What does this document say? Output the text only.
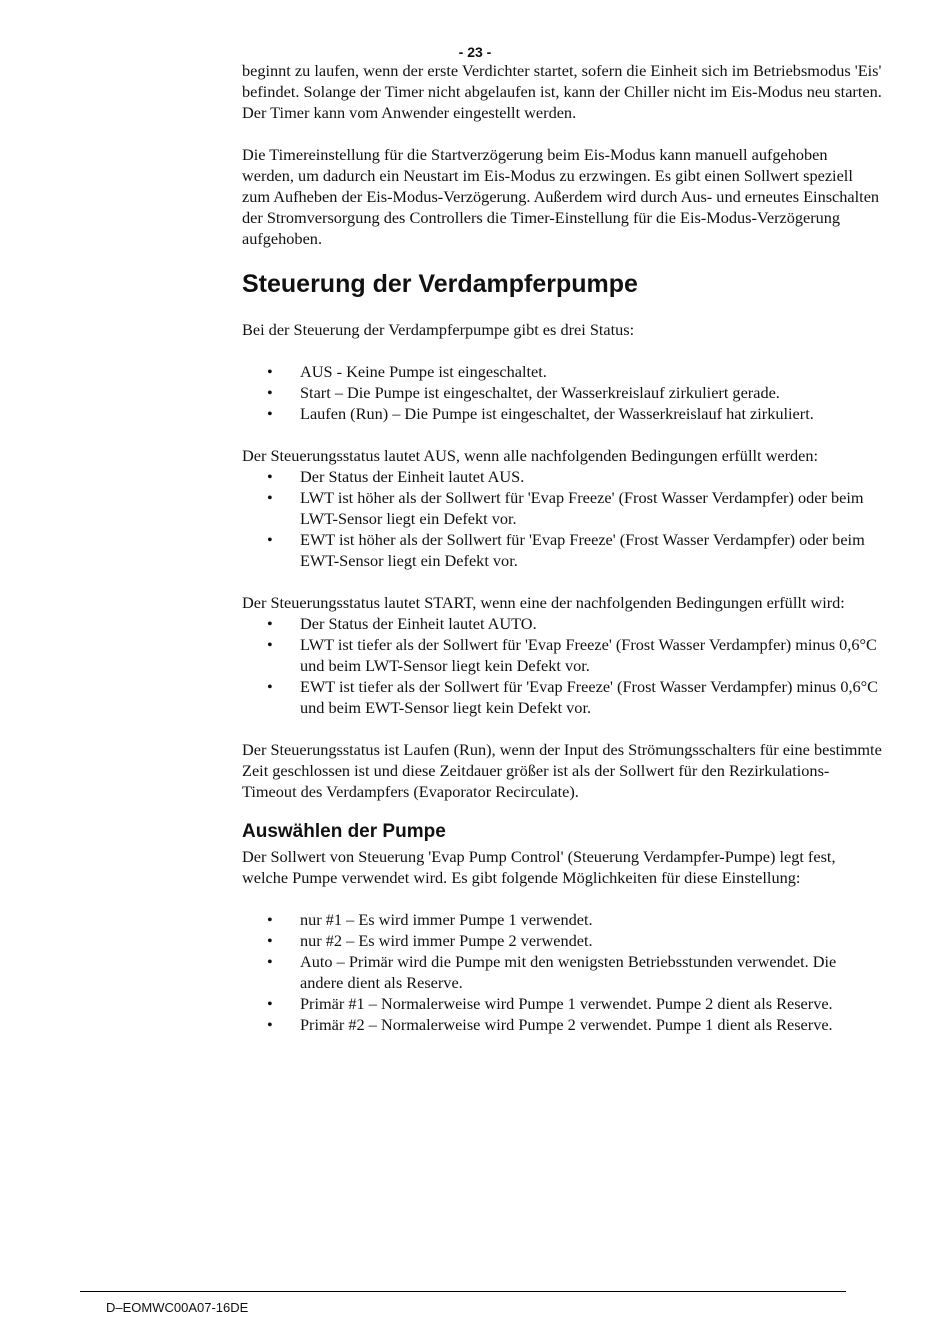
- 23 -

beginnt zu laufen, wenn der erste Verdichter startet, sofern die Einheit sich im Betriebsmodus 'Eis' befindet. Solange der Timer nicht abgelaufen ist, kann der Chiller nicht im Eis-Modus neu starten. Der Timer kann vom Anwender eingestellt werden.

Die Timereinstellung für die Startverzögerung beim Eis-Modus kann manuell aufgehoben werden, um dadurch ein Neustart im Eis-Modus zu erzwingen. Es gibt einen Sollwert speziell zum Aufheben der Eis-Modus-Verzögerung. Außerdem wird durch Aus- und erneutes Einschalten der Stromversorgung des Controllers die Timer-Einstellung für die Eis-Modus-Verzögerung aufgehoben.

Steuerung der Verdampferpumpe

Bei der Steuerung der Verdampferpumpe gibt es drei Status:

• AUS - Keine Pumpe ist eingeschaltet.
• Start – Die Pumpe ist eingeschaltet, der Wasserkreislauf zirkuliert gerade.
• Laufen (Run) – Die Pumpe ist eingeschaltet, der Wasserkreislauf hat zirkuliert.

Der Steuerungsstatus lautet AUS, wenn alle nachfolgenden Bedingungen erfüllt werden:

• Der Status der Einheit lautet AUS.
• LWT ist höher als der Sollwert für 'Evap Freeze' (Frost Wasser Verdampfer) oder beim LWT-Sensor liegt ein Defekt vor.
• EWT ist höher als der Sollwert für 'Evap Freeze' (Frost Wasser Verdampfer) oder beim EWT-Sensor liegt ein Defekt vor.

Der Steuerungsstatus lautet START, wenn eine der nachfolgenden Bedingungen erfüllt wird:

• Der Status der Einheit lautet AUTO.
• LWT ist tiefer als der Sollwert für 'Evap Freeze' (Frost Wasser Verdampfer) minus 0,6°C und beim LWT-Sensor liegt kein Defekt vor.
• EWT ist tiefer als der Sollwert für 'Evap Freeze' (Frost Wasser Verdampfer) minus 0,6°C und beim EWT-Sensor liegt kein Defekt vor.

Der Steuerungsstatus ist Laufen (Run), wenn der Input des Strömungsschalters für eine bestimmte Zeit geschlossen ist und diese Zeitdauer größer ist als der Sollwert für den Rezirkulations-Timeout des Verdampfers (Evaporator Recirculate).

Auswählen der Pumpe

Der Sollwert von Steuerung 'Evap Pump Control' (Steuerung Verdampfer-Pumpe) legt fest, welche Pumpe verwendet wird. Es gibt folgende Möglichkeiten für diese Einstellung:

• nur #1 – Es wird immer Pumpe 1 verwendet.
• nur #2 – Es wird immer Pumpe 2 verwendet.
• Auto – Primär wird die Pumpe mit den wenigsten Betriebsstunden verwendet. Die andere dient als Reserve.
• Primär #1 – Normalerweise wird Pumpe 1 verwendet. Pumpe 2 dient als Reserve.
• Primär #2 – Normalerweise wird Pumpe 2 verwendet. Pumpe 1 dient als Reserve.
D–EOMWC00A07-16DE
